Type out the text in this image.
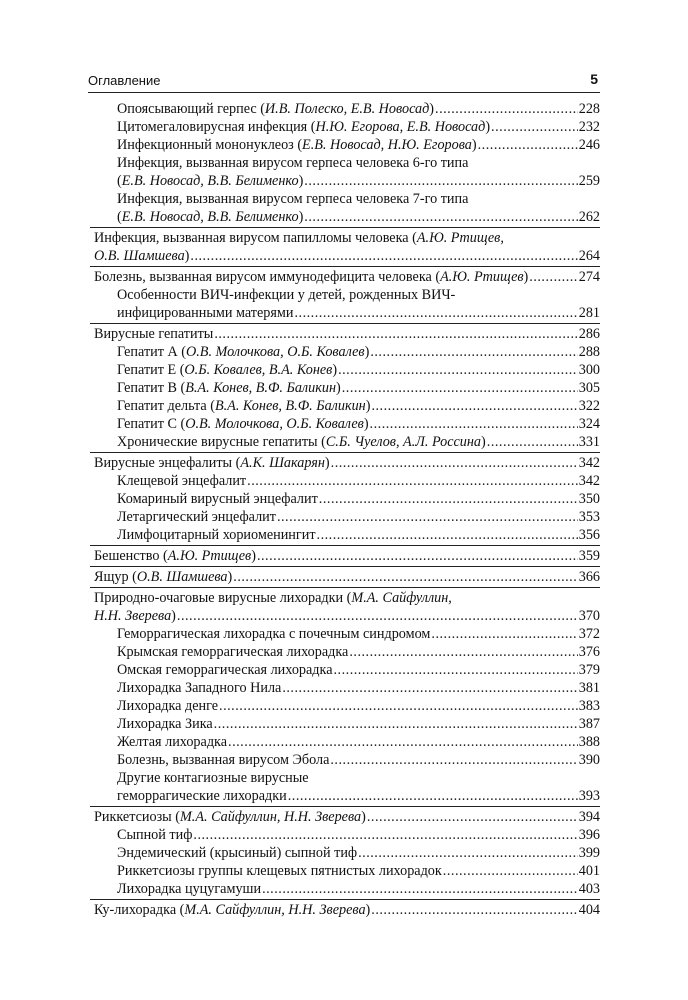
Оглавление	5
Опоясывающий герпес ( И.В. Полеско, Е.В. Новосад ) .....	228
Цитомегаловирусная инфекция ( Н.Ю. Егорова, Е.В. Новосад ) .....	232
Инфекционный мононуклеоз ( Е.В. Новосад, Н.Ю. Егорова ) .....	246
Инфекция, вызванная вирусом герпеса человека 6-го типа
( Е.В. Новосад, В.В. Белименко ) .....	259
Инфекция, вызванная вирусом герпеса человека 7-го типа
( Е.В. Новосад, В.В. Белименко ) .....	262
Инфекция, вызванная вирусом папилломы человека ( А.Ю. Ртищев,
О.В. Шамшева ) .....	264
Болезнь, вызванная вирусом иммунодефицита человека ( А.Ю. Ртищев ) .....	274
Особенности ВИЧ-инфекции у детей, рожденных ВИЧ-
инфицированными матерями .....	281
Вирусные гепатиты .....	286
Гепатит А ( О.В. Молочкова, О.Б. Ковалев ) .....	288
Гепатит Е ( О.Б. Ковалев, В.А. Конев ) .....	300
Гепатит В ( В.А. Конев, В.Ф. Баликин ) .....	305
Гепатит дельта ( В.А. Конев, В.Ф. Баликин ) .....	322
Гепатит С ( О.В. Молочкова, О.Б. Ковалев ) .....	324
Хронические вирусные гепатиты ( С.Б. Чуелов, А.Л. Россина ) .....	331
Вирусные энцефалиты ( А.К. Шакарян ) .....	342
Клещевой энцефалит .....	342
Комариный вирусный энцефалит .....	350
Летаргический энцефалит .....	353
Лимфоцитарный хориоменингит .....	356
Бешенство ( А.Ю. Ртищев ) .....	359
Ящур ( О.В. Шамшева ) .....	366
Природно-очаговые вирусные лихорадки ( М.А. Сайфуллин,
Н.Н. Зверева ) .....	370
Геморрагическая лихорадка с почечным синдромом .....	372
Крымская геморрагическая лихорадка .....	376
Омская геморрагическая лихорадка .....	379
Лихорадка Западного Нила .....	381
Лихорадка денге .....	383
Лихорадка Зика .....	387
Желтая лихорадка .....	388
Болезнь, вызванная вирусом Эбола .....	390
Другие контагиозные вирусные
геморрагические лихорадки .....	393
Риккетсиозы ( М.А. Сайфуллин, Н.Н. Зверева ) .....	394
Сыпной тиф .....	396
Эндемический (крысиный) сыпной тиф .....	399
Риккетсиозы группы клещевых пятнистых лихорадок .....	401
Лихорадка цуцугамуши .....	403
Ку-лихорадка ( М.А. Сайфуллин, Н.Н. Зверева ) .....	404
